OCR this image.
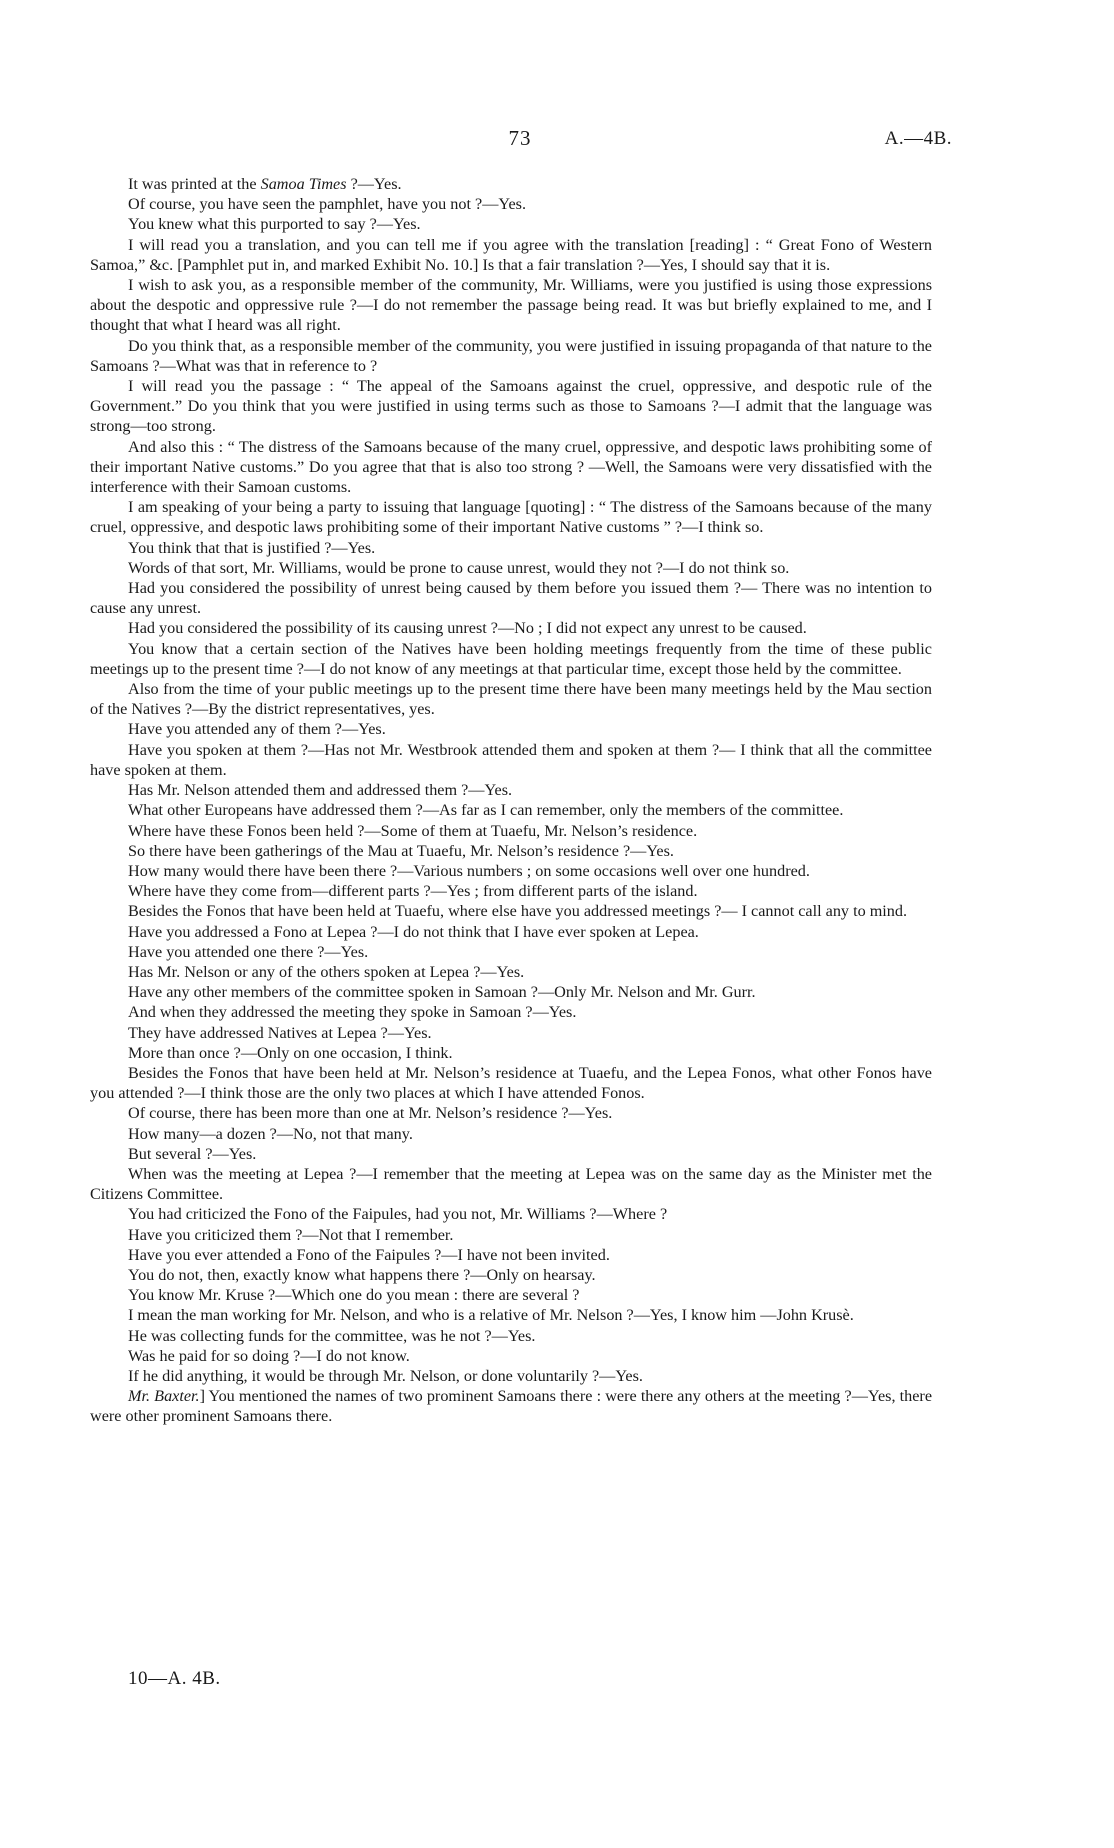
73	A.—4B.

It was printed at the Samoa Times ?—Yes.

Of course, you have seen the pamphlet, have you not ?—Yes.

You knew what this purported to say ?—Yes.

I will read you a translation, and you can tell me if you agree with the translation [reading] : “ Great Fono of Western Samoa,” &c. [Pamphlet put in, and marked Exhibit No. 10.] Is that a fair translation ?—Yes, I should say that it is.

I wish to ask you, as a responsible member of the community, Mr. Williams, were you justified is using those expressions about the despotic and oppressive rule ?—I do not remember the passage being read. It was but briefly explained to me, and I thought that what I heard was all right.

Do you think that, as a responsible member of the community, you were justified in issuing propaganda of that nature to the Samoans ?—What was that in reference to ?

I will read you the passage : “ The appeal of the Samoans against the cruel, oppressive, and despotic rule of the Government.” Do you think that you were justified in using terms such as those to Samoans ?—I admit that the language was strong—too strong.

And also this : “ The distress of the Samoans because of the many cruel, oppressive, and despotic laws prohibiting some of their important Native customs.” Do you agree that that is also too strong ? —Well, the Samoans were very dissatisfied with the interference with their Samoan customs.

I am speaking of your being a party to issuing that language [quoting] : “ The distress of the Samoans because of the many cruel, oppressive, and despotic laws prohibiting some of their important Native customs ” ?—I think so.

You think that that is justified ?—Yes.

Words of that sort, Mr. Williams, would be prone to cause unrest, would they not ?—I do not think so.

Had you considered the possibility of unrest being caused by them before you issued them ?— There was no intention to cause any unrest.

Had you considered the possibility of its causing unrest ?—No ; I did not expect any unrest to be caused.

You know that a certain section of the Natives have been holding meetings frequently from the time of these public meetings up to the present time ?—I do not know of any meetings at that particular time, except those held by the committee.

Also from the time of your public meetings up to the present time there have been many meetings held by the Mau section of the Natives ?—By the district representatives, yes.

Have you attended any of them ?—Yes.

Have you spoken at them ?—Has not Mr. Westbrook attended them and spoken at them ?— I think that all the committee have spoken at them.

Has Mr. Nelson attended them and addressed them ?—Yes.

What other Europeans have addressed them ?—As far as I can remember, only the members of the committee.

Where have these Fonos been held ?—Some of them at Tuaefu, Mr. Nelson’s residence.

So there have been gatherings of the Mau at Tuaefu, Mr. Nelson’s residence ?—Yes.

How many would there have been there ?—Various numbers ; on some occasions well over one hundred.

Where have they come from—different parts ?—Yes ; from different parts of the island.

Besides the Fonos that have been held at Tuaefu, where else have you addressed meetings ?— I cannot call any to mind.

Have you addressed a Fono at Lepea ?—I do not think that I have ever spoken at Lepea.

Have you attended one there ?—Yes.

Has Mr. Nelson or any of the others spoken at Lepea ?—Yes.

Have any other members of the committee spoken in Samoan ?—Only Mr. Nelson and Mr. Gurr.

And when they addressed the meeting they spoke in Samoan ?—Yes.

They have addressed Natives at Lepea ?—Yes.

More than once ?—Only on one occasion, I think.

Besides the Fonos that have been held at Mr. Nelson’s residence at Tuaefu, and the Lepea Fonos, what other Fonos have you attended ?—I think those are the only two places at which I have attended Fonos.

Of course, there has been more than one at Mr. Nelson’s residence ?—Yes.

How many—a dozen ?—No, not that many.

But several ?—Yes.

When was the meeting at Lepea ?—I remember that the meeting at Lepea was on the same day as the Minister met the Citizens Committee.

You had criticized the Fono of the Faipules, had you not, Mr. Williams ?—Where ?

Have you criticized them ?—Not that I remember.

Have you ever attended a Fono of the Faipules ?—I have not been invited.

You do not, then, exactly know what happens there ?—Only on hearsay.

You know Mr. Kruse ?—Which one do you mean : there are several ?

I mean the man working for Mr. Nelson, and who is a relative of Mr. Nelson ?—Yes, I know him —John Krusè.

He was collecting funds for the committee, was he not ?—Yes.

Was he paid for so doing ?—I do not know.

If he did anything, it would be through Mr. Nelson, or done voluntarily ?—Yes.

Mr. Baxter.] You mentioned the names of two prominent Samoans there : were there any others at the meeting ?—Yes, there were other prominent Samoans there.

10—A. 4B.
